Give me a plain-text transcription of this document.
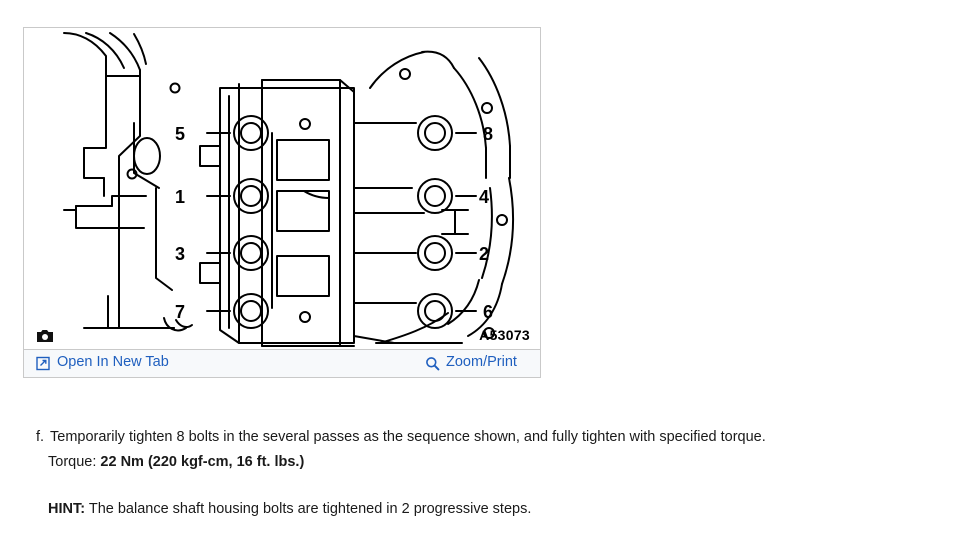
5
1
3
7
8
4
2
6
A53073
Open In New Tab	Zoom/Print

f. Temporarily tighten 8 bolts in the several passes as the sequence shown, and fully tighten with specified torque.

Torque: 22 Nm (220 kgf-cm, 16 ft. lbs.)

HINT: The balance shaft housing bolts are tightened in 2 progressive steps.
